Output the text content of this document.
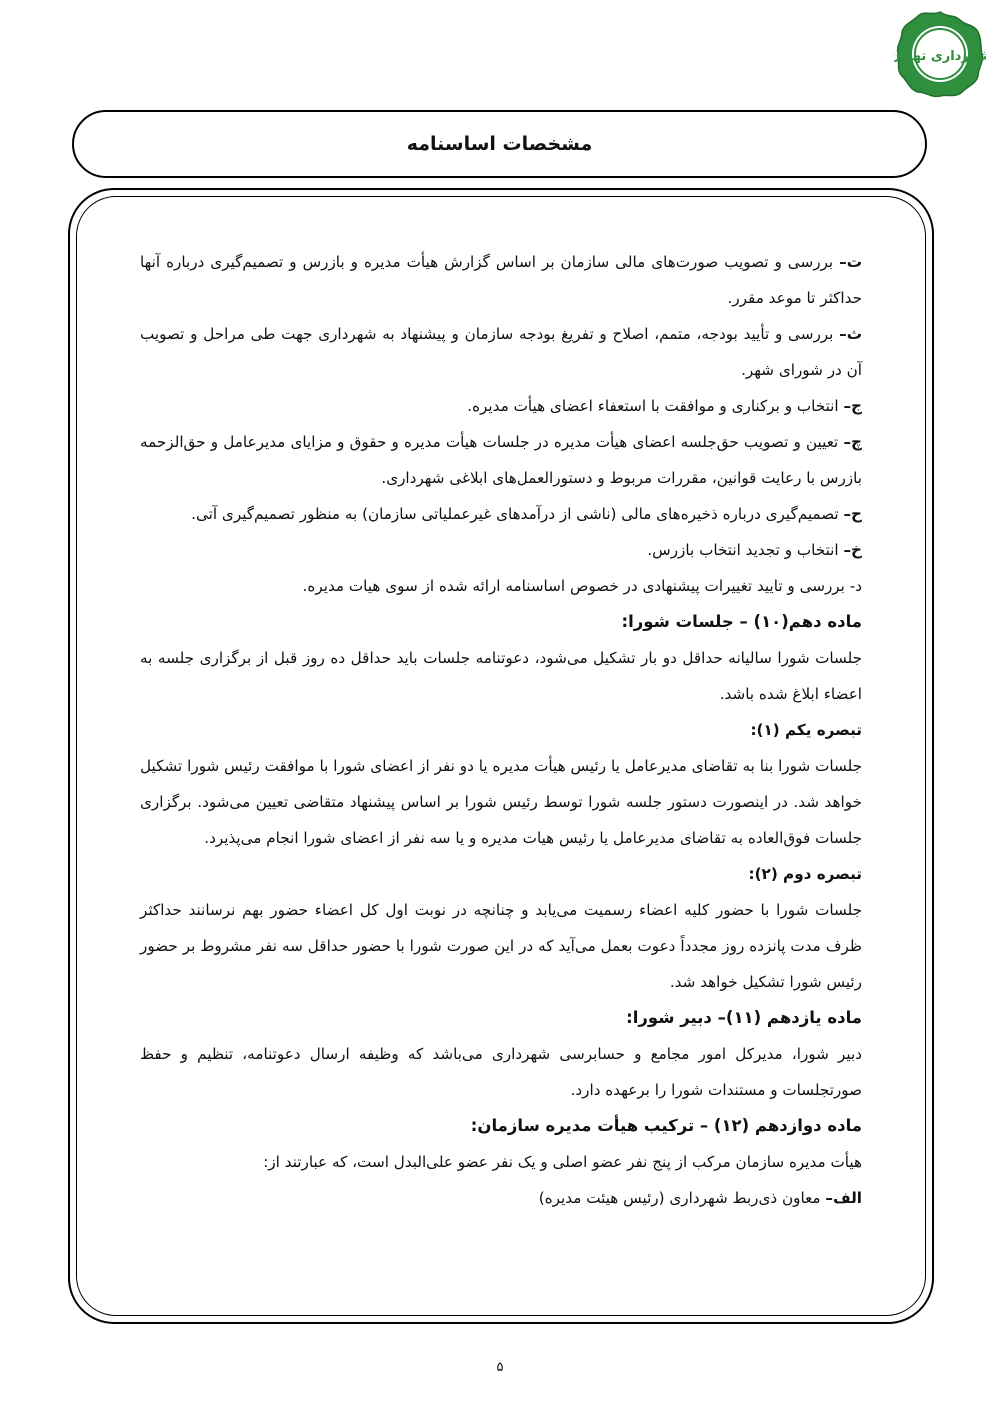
شهرداری تهران
مشخصات اساسنامه

ت– بررسی و تصویب صورت‌های مالی سازمان بر اساس گزارش هیأت مدیره و بازرس و تصمیم‌گیری درباره آنها حداکثر تا موعد مقرر.

ث– بررسی و تأیید بودجه، متمم، اصلاح و تفریغ بودجه سازمان و پیشنهاد به شهرداری جهت طی مراحل و تصویب آن در شورای شهر.

ج– انتخاب و برکناری و موافقت با استعفاء اعضای هیأت مدیره.

چ– تعیین و تصویب حق‌جلسه اعضای هیأت مدیره در جلسات هیأت مدیره و حقوق و مزایای مدیرعامل و حق‌الزحمه بازرس با رعایت قوانین، مقررات مربوط و دستورالعمل‌های ابلاغی شهرداری.

ح– تصمیم‌گیری درباره ذخیره‌های مالی (ناشی از درآمدهای غیرعملیاتی سازمان) به منظور تصمیم‌گیری آتی.

خ– انتخاب و تجدید انتخاب بازرس.

د- بررسی و تایید تغییرات پیشنهادی در خصوص اساسنامه ارائه شده از سوی هیات مدیره.

ماده دهم(۱۰) – جلسات شورا:

جلسات شورا سالیانه حداقل دو بار تشکیل می‌شود، دعوتنامه جلسات باید حداقل ده روز قبل از برگزاری جلسه به اعضاء ابلاغ شده باشد.

تبصره یکم (۱):

جلسات شورا بنا به تقاضای مدیرعامل یا رئیس هیأت مدیره یا دو نفر از اعضای شورا با موافقت رئیس شورا تشکیل خواهد شد. در اینصورت دستور جلسه شورا توسط رئیس شورا بر اساس پیشنهاد متقاضی تعیین می‌شود. برگزاری جلسات فوق‌العاده به تقاضای مدیرعامل یا رئیس هیات مدیره و یا سه نفر از اعضای شورا انجام می‌پذیرد.

تبصره دوم (۲):

جلسات شورا با حضور کلیه اعضاء رسمیت می‌یابد و چنانچه در نوبت اول کل اعضاء حضور بهم نرسانند حداکثر ظرف مدت پانزده روز مجدداً دعوت بعمل می‌آید که در این صورت شورا با حضور حداقل سه نفر مشروط بر حضور رئیس شورا تشکیل خواهد شد.

ماده یازدهم (۱۱)– دبیر شورا:

دبیر شورا، مدیرکل امور مجامع و حسابرسی شهرداری می‌باشد که وظیفه ارسال دعوتنامه، تنظیم و حفظ صورتجلسات و مستندات شورا را برعهده دارد.

ماده دوازدهم (۱۲) – ترکیب هیأت مدیره سازمان:

هیأت مدیره سازمان مرکب از پنج نفر عضو اصلی و یک نفر عضو علی‌البدل است، که عبارتند از:

الف– معاون ذی‌ربط شهرداری (رئیس هیئت مدیره)

۵
